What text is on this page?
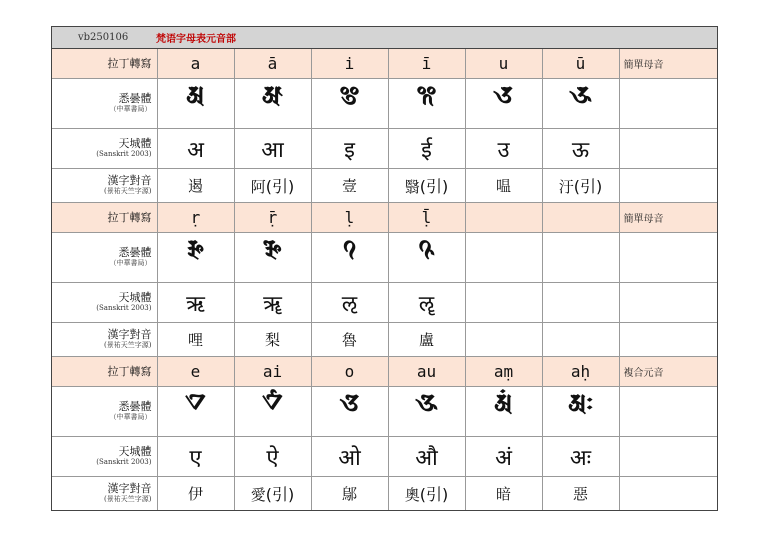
vb250106	梵语字母表元音部
拉丁轉寫	a	ā	i	ī	u	ū	簡單母音
悉曇體
（中華書局）	𑖀	𑖁	𑖂	𑖃	𑖄	𑖅	
天城體
(Sanskrit 2003)	अ	आ	इ	ई	उ	ऊ	
漢字對音
(景祐天竺字源)	遏	阿(引)	壹	翳(引)	嗢	汙(引)	
拉丁轉寫	ṛ	ṝ	ḷ	ḹ			簡單母音
悉曇體
（中華書局）	𑖆	𑖇	𑖈	𑖉			
天城體
(Sanskrit 2003)	ऋ	ॠ	ऌ	ॡ			
漢字對音
(景祐天竺字源)	哩	梨	魯	盧			
拉丁轉寫	e	ai	o	au	aṃ	aḥ	複合元音
悉曇體
（中華書局）	𑖊	𑖋	𑖌	𑖍	𑖀𑖽	𑖀𑖾	
天城體
(Sanskrit 2003)	ए	ऐ	ओ	औ	अं	अः	
漢字對音
(景祐天竺字源)	伊	愛(引)	鄔	奧(引)	暗	惡	
